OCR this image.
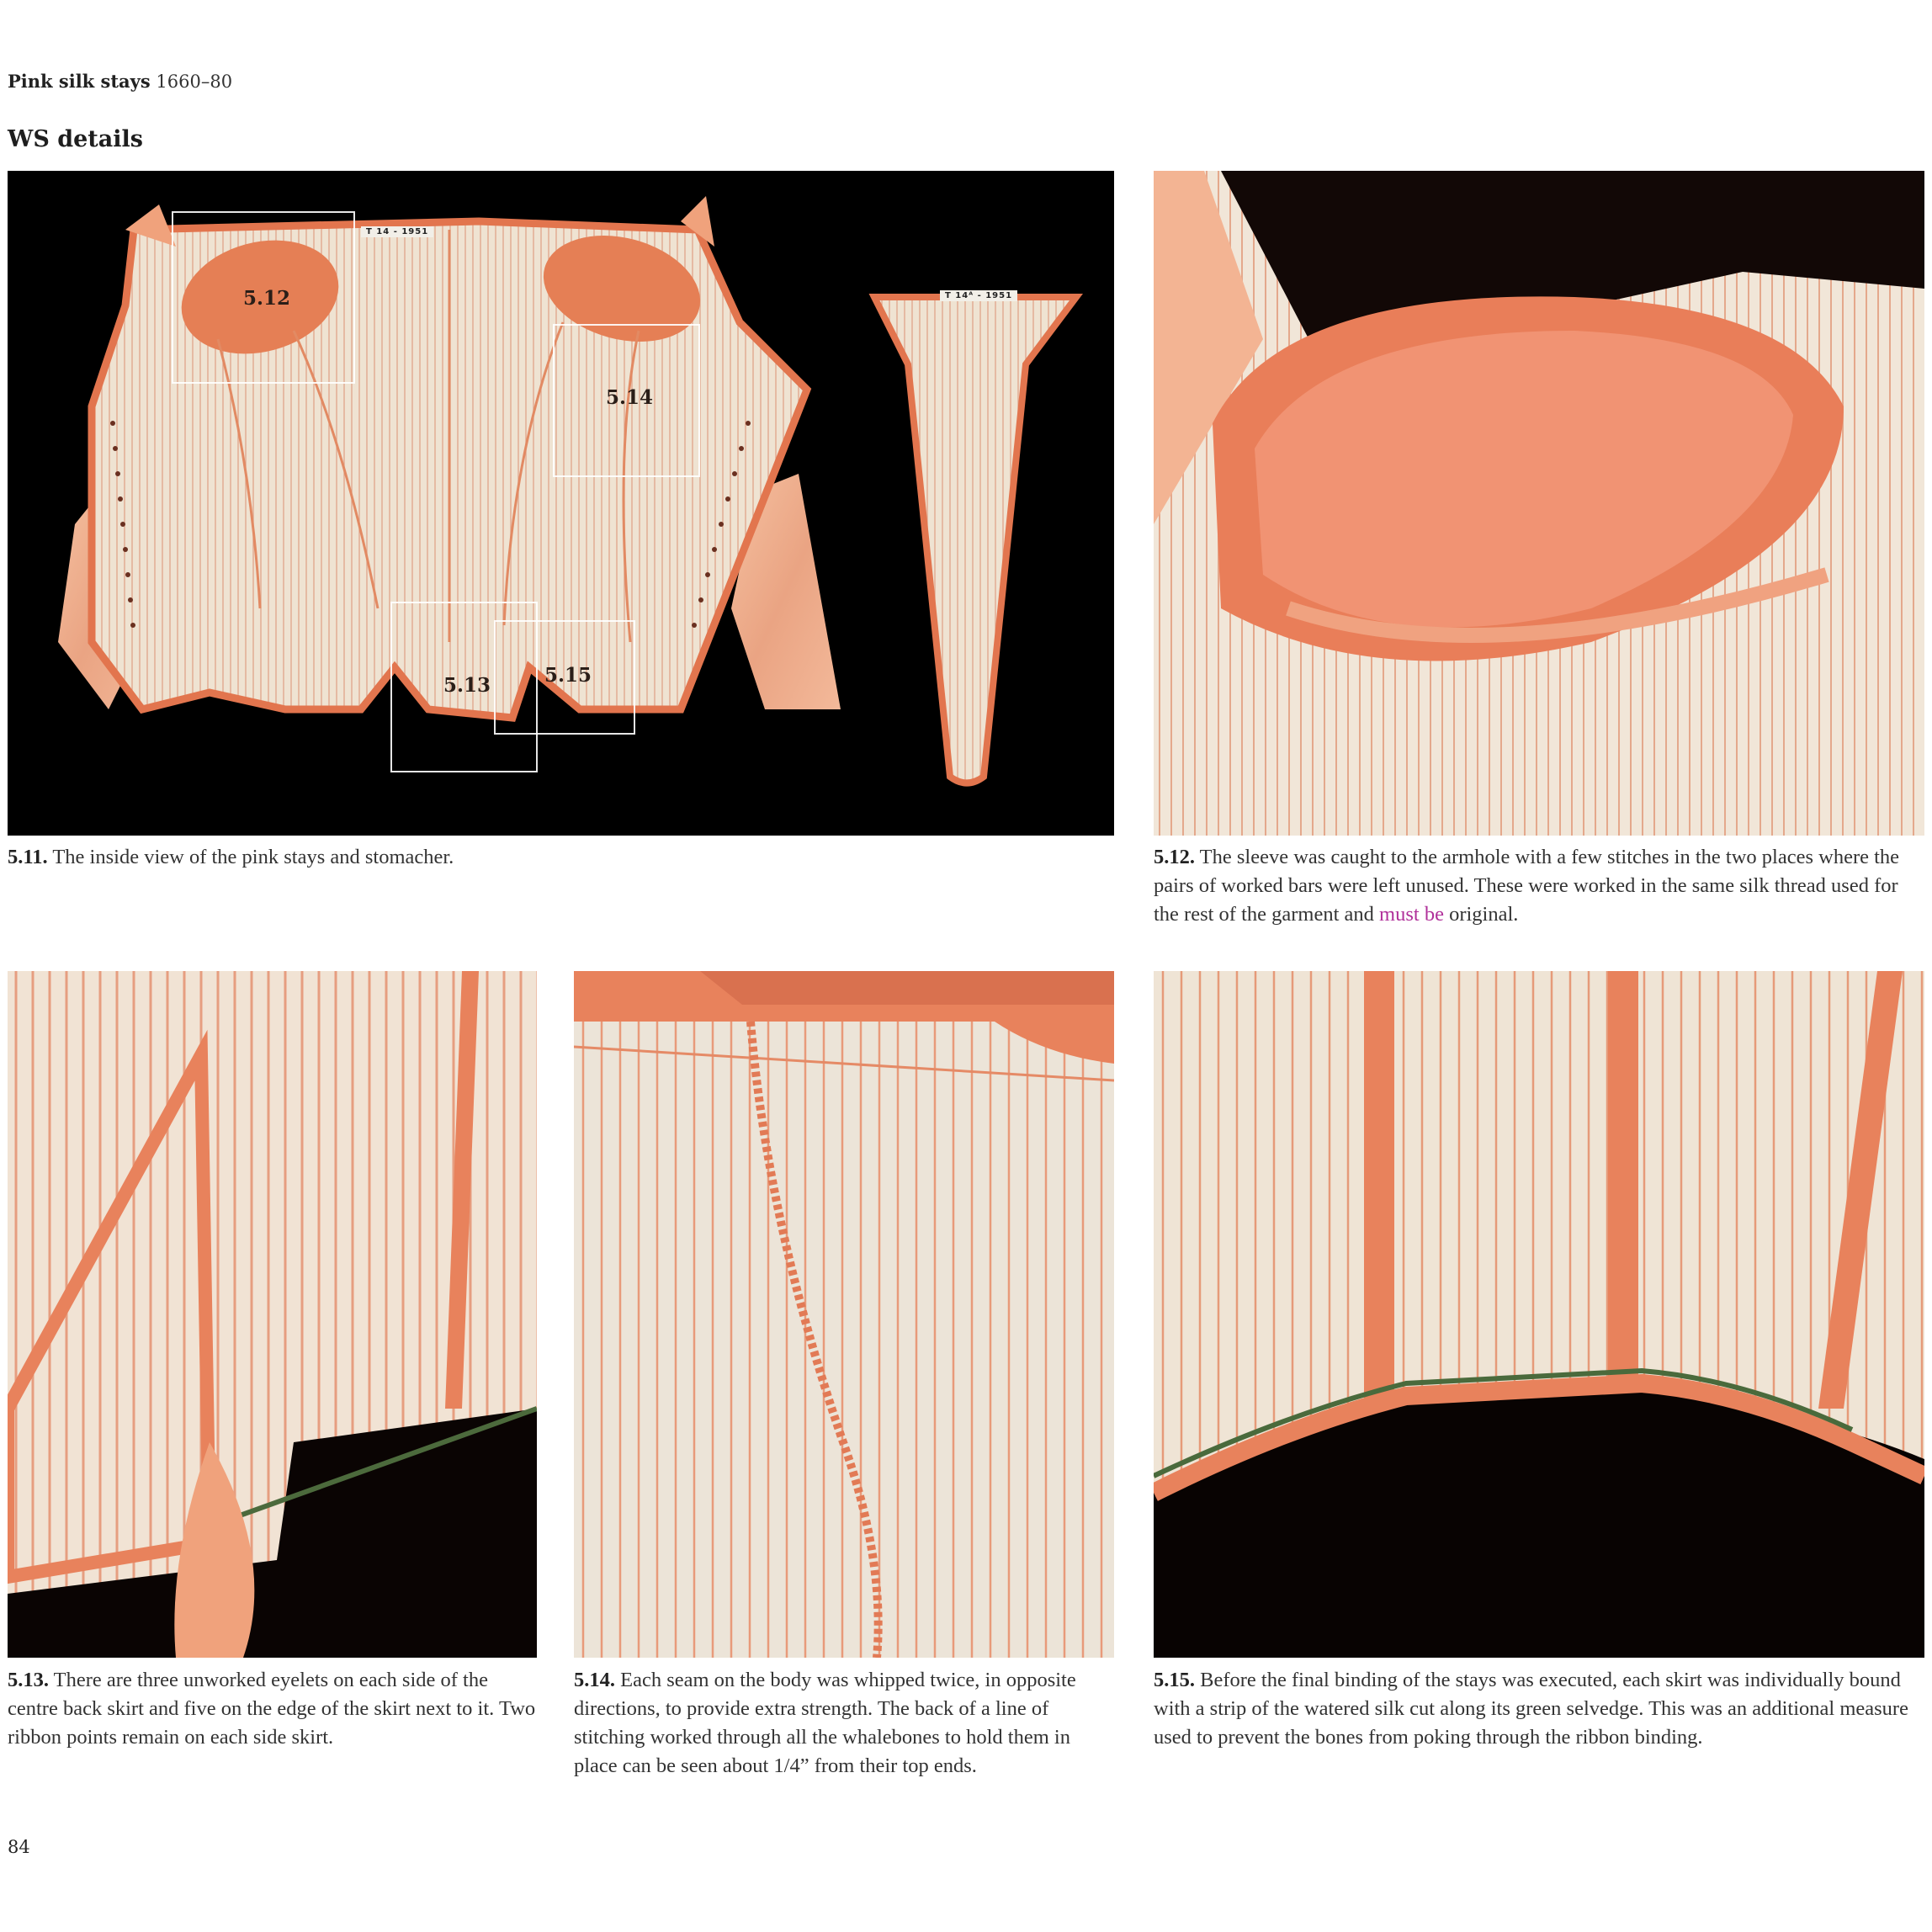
Pink silk stays 1660–80
WS details
T 14 - 1951
T 14ᴬ - 1951
5.12
5.14
5.13	5.15
5.11. The inside view of the pink stays and stomacher.	5.12. The sleeve was caught to the armhole with a few stitches in the two places where the pairs of worked bars were left unused. These were worked in the same silk thread used for the rest of the garment and must be original.
5.13. There are three unworked eyelets on each side of the centre back skirt and five on the edge of the skirt next to it. Two ribbon points remain on each side skirt.
5.14. Each seam on the body was whipped twice, in opposite directions, to provide extra strength. The back of a line of stitching worked through all the whalebones to hold them in place can be seen about 1/4” from their top ends.
5.15. Before the final binding of the stays was executed, each skirt was individually bound with a strip of the watered silk cut along its green selvedge. This was an additional measure used to prevent the bones from poking through the ribbon binding.
84
